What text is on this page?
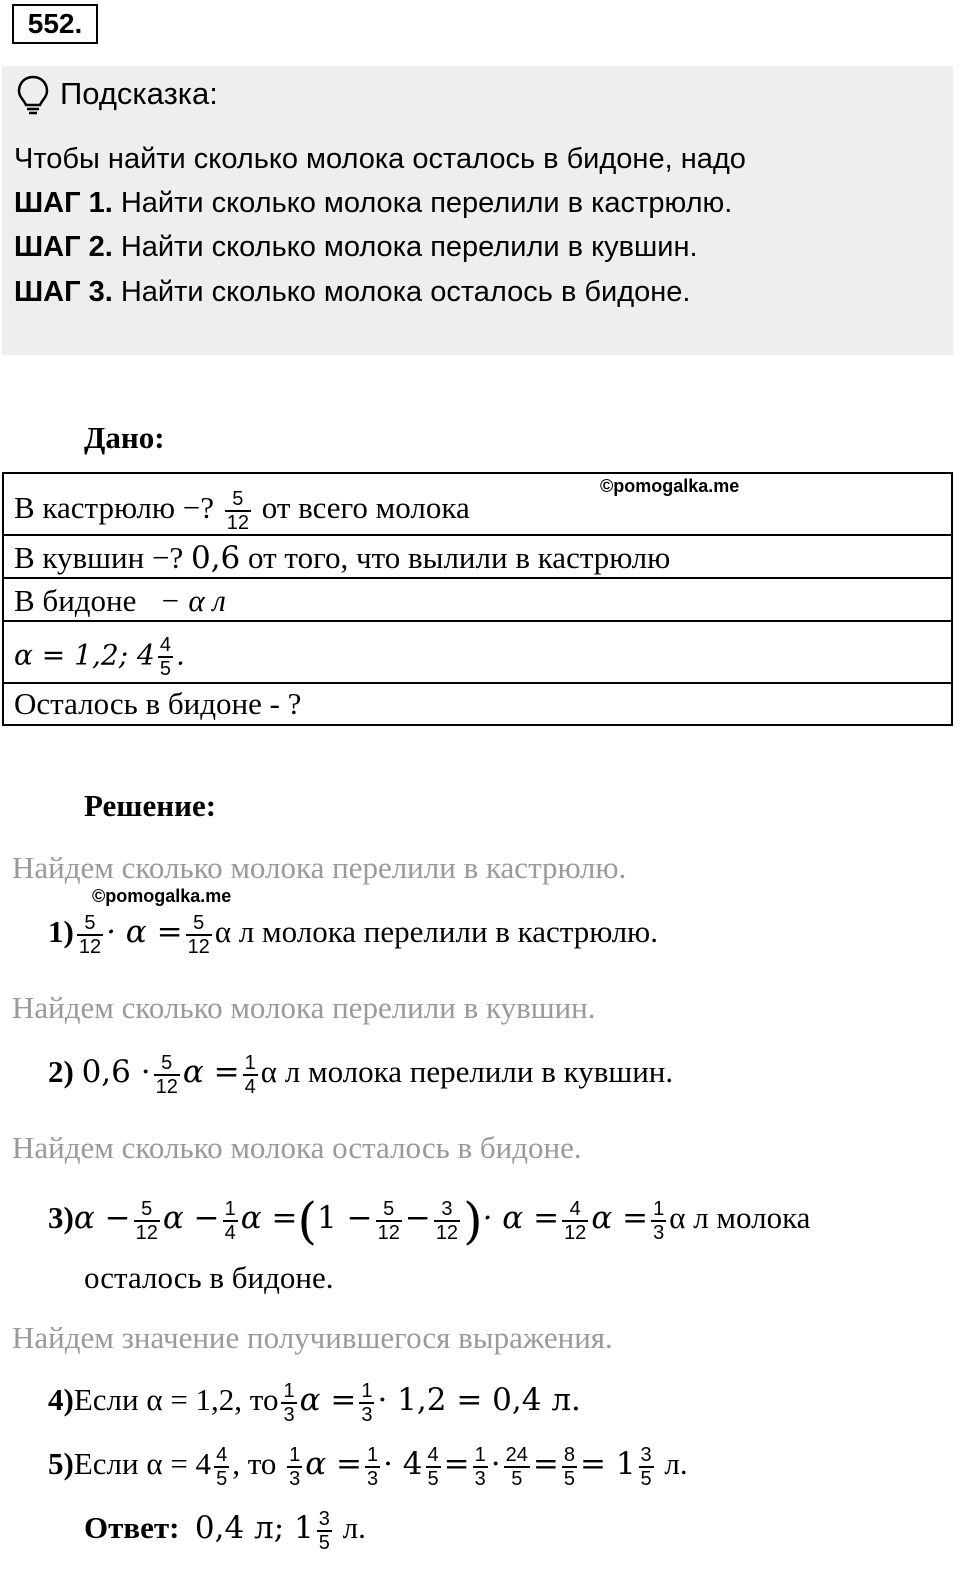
552.
Подсказка:
Чтобы найти сколько молока осталось в бидоне, надо
ШАГ 1. Найти сколько молока перелили в кастрюлю.
ШАГ 2. Найти сколько молока перелили в кувшин.
ШАГ 3. Найти сколько молока осталось в бидоне.
Дано:
В кастрюлю −? $\frac{5}{12}$ от всего молока
©pomogalka.me
В кувшин −? 0,6 от того, что вылили в кастрюлю
В бидоне − α л
α = 1,2; $4 \frac{4}{5}$ .
Осталось в бидоне - ?
Решение:
Найдем сколько молока перелили в кастрюлю.
©pomogalka.me
$1) \frac{5}{12} \cdot \alpha = \frac{5}{12}$ α л молока перелили в кастрюлю.
Найдем сколько молока перелили в кувшин.
2) $0,6 \cdot \frac{5}{12}$ $\alpha = \frac{1}{4}$ α л молока перелили в кувшин.
Найдем сколько молока осталось в бидоне.
$3)\alpha - \frac{5}{12}$ $\alpha - \frac{1}{4}$ $\alpha =(1 - \frac{5}{12} - \frac{3}{12}$ )· $\alpha = \frac{4}{12}$ $\alpha = \frac{1}{3}$ α л молока
осталось в бидоне.
Найдем значение получившегося выражения.
4)Если α = 1,2, то $\frac{1}{3}$ $\alpha = \frac{1}{3} \cdot 1,2 = 0,4$ л.
5)Если $\alpha = 4 \frac{4}{5}$ , то $\frac{1}{3}$ $\alpha = \frac{1}{3} \cdot 4 \frac{4}{5} = \frac{1}{3} \cdot \frac{24}{5} = \frac{8}{5} = 1 \frac{3}{5} л$.
Ответ: 0,4 л; $1 \frac{3}{5} л$.
